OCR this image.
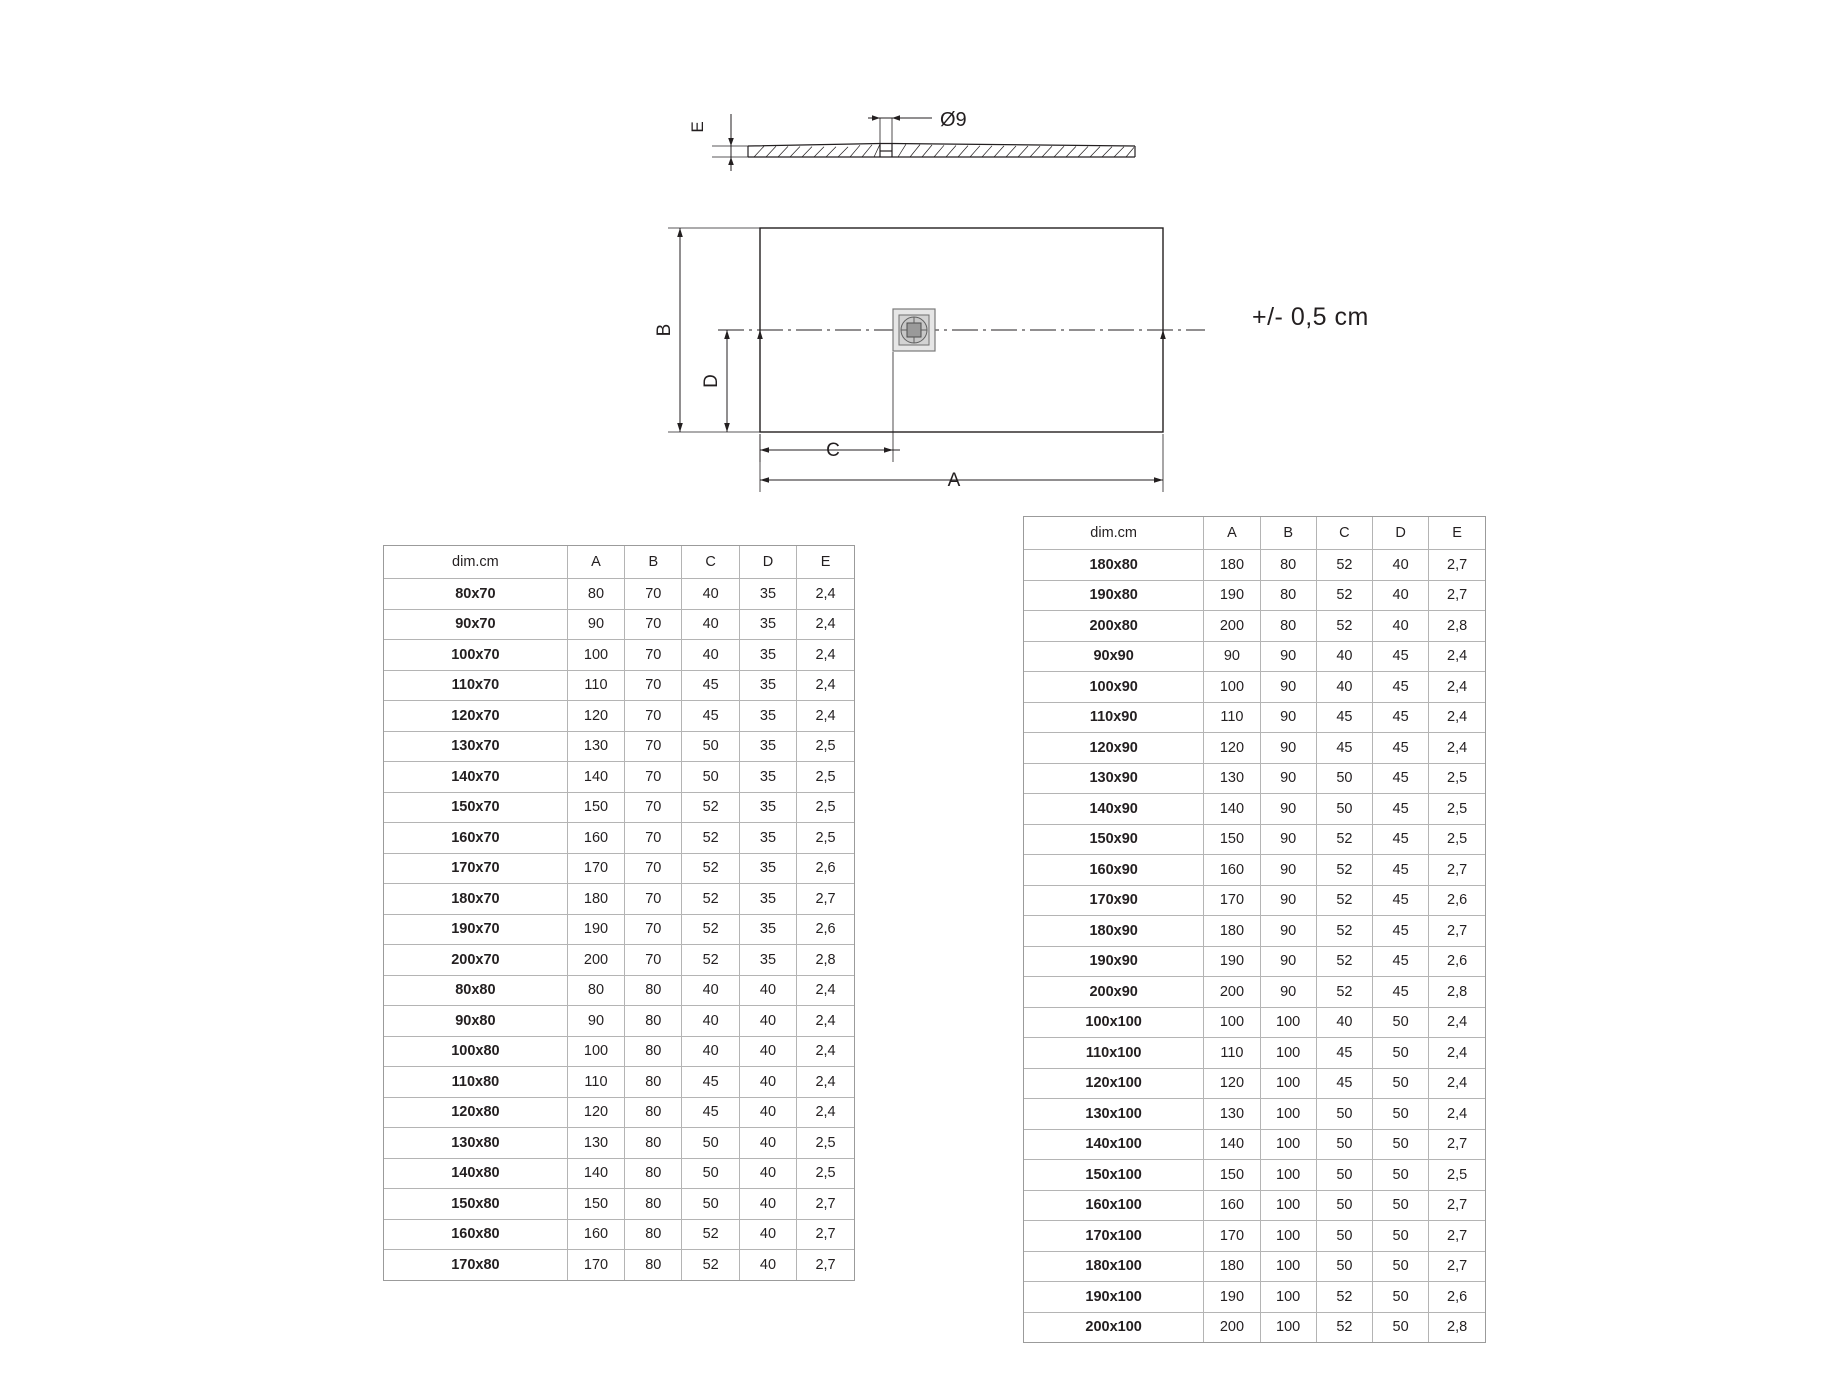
Ø9
E
B
D
C
A
+/- 0,5 cm
dim.cm	A	B	C	D	E
80x70	80	70	40	35	2,4
90x70	90	70	40	35	2,4
100x70	100	70	40	35	2,4
110x70	110	70	45	35	2,4
120x70	120	70	45	35	2,4
130x70	130	70	50	35	2,5
140x70	140	70	50	35	2,5
150x70	150	70	52	35	2,5
160x70	160	70	52	35	2,5
170x70	170	70	52	35	2,6
180x70	180	70	52	35	2,7
190x70	190	70	52	35	2,6
200x70	200	70	52	35	2,8
80x80	80	80	40	40	2,4
90x80	90	80	40	40	2,4
100x80	100	80	40	40	2,4
110x80	110	80	45	40	2,4
120x80	120	80	45	40	2,4
130x80	130	80	50	40	2,5
140x80	140	80	50	40	2,5
150x80	150	80	50	40	2,7
160x80	160	80	52	40	2,7
170x80	170	80	52	40	2,7
dim.cm	A	B	C	D	E
180x80	180	80	52	40	2,7
190x80	190	80	52	40	2,7
200x80	200	80	52	40	2,8
90x90	90	90	40	45	2,4
100x90	100	90	40	45	2,4
110x90	110	90	45	45	2,4
120x90	120	90	45	45	2,4
130x90	130	90	50	45	2,5
140x90	140	90	50	45	2,5
150x90	150	90	52	45	2,5
160x90	160	90	52	45	2,7
170x90	170	90	52	45	2,6
180x90	180	90	52	45	2,7
190x90	190	90	52	45	2,6
200x90	200	90	52	45	2,8
100x100	100	100	40	50	2,4
110x100	110	100	45	50	2,4
120x100	120	100	45	50	2,4
130x100	130	100	50	50	2,4
140x100	140	100	50	50	2,7
150x100	150	100	50	50	2,5
160x100	160	100	50	50	2,7
170x100	170	100	50	50	2,7
180x100	180	100	50	50	2,7
190x100	190	100	52	50	2,6
200x100	200	100	52	50	2,8
